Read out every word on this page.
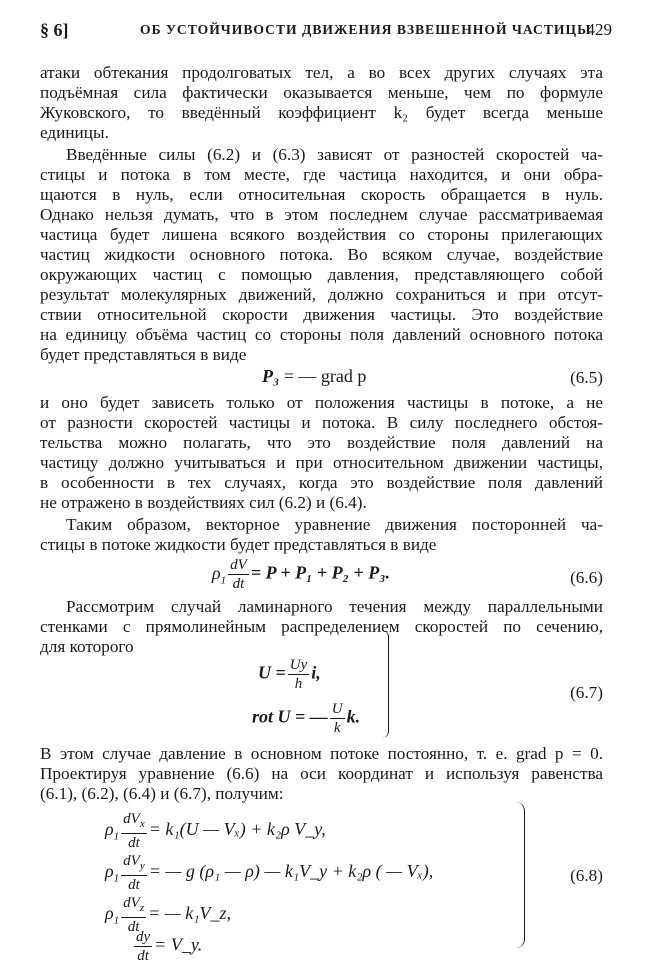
§ 6]	ОБ УСТОЙЧИВОСТИ ДВИЖЕНИЯ ВЗВЕШЕННОЙ ЧАСТИЦЫ
429
атаки обтекания продолговатых тел, а во всех других случаях эта
подъёмная сила фактически оказывается меньше, чем по формуле
Жуковского, то введённый коэффициент k₂ будет всегда меньше
единицы.
Введённые силы (6.2) и (6.3) зависят от разностей скоростей ча-
стицы и потока в том месте, где частица находится, и они обра-
щаются в нуль, если относительная скорость обращается в нуль.
Однако нельзя думать, что в этом последнем случае рассматриваемая
частица будет лишена всякого воздействия со стороны прилегающих
частиц жидкости основного потока. Во всяком случае, воздействие
окружающих частиц с помощью давления, представляющего собой
результат молекулярных движений, должно сохраниться и при отсут-
ствии относительной скорости движения частицы. Это воздействие
на единицу объёма частиц со стороны поля давлений основного потока
будет представляться в виде
P₃ = — grad p	(6.5)
и оно будет зависеть только от положения частицы в потоке, а не
от разности скоростей частицы и потока. В силу последнего обстоя-
тельства можно полагать, что это воздействие поля давлений на
частицу должно учитываться и при относительном движении частицы,
в особенности в тех случаях, когда это воздействие поля давлений
не отражено в воздействиях сил (6.2) и (6.4).
Таким образом, векторное уравнение движения посторонней ча-
стицы в потоке жидкости будет представляться в виде
$\rho_1 \frac{dV}{dt} = P + P_1 + P_2 + P_3$.	(6.6)
Рассмотрим случай ламинарного течения между параллельными
стенками с прямолинейным распределением скоростей по сечению,
для которого
$U = \frac{Uy}{h} i$,
rot U = — $\frac{U}{k} k$.
(6.7)
В этом случае давление в основном потоке постоянно, т. е. grad p = 0.
Проектируя уравнение (6.6) на оси координат и используя равенства
(6.1), (6.2), (6.4) и (6.7), получим:
$\rho_1 \frac{dV_x}{dt} = k_1(U$ — Vₓ) + k₂ρ V_y,
$\rho_1 \frac{dV_y}{dt}$ = — g (ρ₁ — ρ) — k₁V_y + k₂ρ ( — Vₓ),
$\rho_1 \frac{dV_z}{dt}$ = — k₁V_z,
$\frac{dy}{dt}$ = V_y.
(6.8)
